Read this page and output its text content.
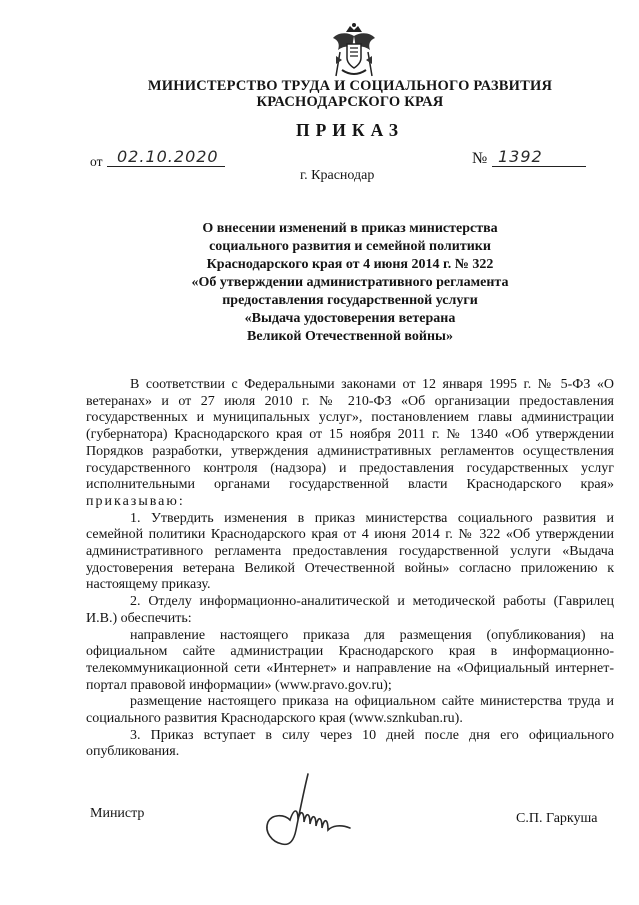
МИНИСТЕРСТВО ТРУДА И СОЦИАЛЬНОГО РАЗВИТИЯ
КРАСНОДАРСКОГО КРАЯ
ПРИКАЗ
от 02.10.2020	№ 1392
г. Краснодар
О внесении изменений в приказ министерства
социального развития и семейной политики
Краснодарского края от 4 июня 2014 г. № 322
«Об утверждении административного регламента
предоставления государственной услуги
«Выдача удостоверения ветерана
Великой Отечественной войны»

В соответствии с Федеральными законами от 12 января 1995 г. № 5-ФЗ «О ветеранах» и от 27 июля 2010 г. № 210-ФЗ «Об организации предоставления государственных и муниципальных услуг», постановлением главы администрации (губернатора) Краснодарского края от 15 ноября 2011 г. № 1340 «Об утверждении Порядков разработки, утверждения административных регламентов осуществления государственного контроля (надзора) и предоставления государственных услуг исполнительными органами государственной власти Краснодарского края» приказываю:

1. Утвердить изменения в приказ министерства социального развития и семейной политики Краснодарского края от 4 июня 2014 г. № 322 «Об утверждении административного регламента предоставления государственной услуги «Выдача удостоверения ветерана Великой Отечественной войны» согласно приложению к настоящему приказу.

2. Отделу информационно-аналитической и методической работы (Гаврилец И.В.) обеспечить:

направление настоящего приказа для размещения (опубликования) на официальном сайте администрации Краснодарского края в информационно-телекоммуникационной сети «Интернет» и направление на «Официальный интернет-портал правовой информации» (www.pravo.gov.ru);

размещение настоящего приказа на официальном сайте министерства труда и социального развития Краснодарского края (www.sznkuban.ru).

3. Приказ вступает в силу через 10 дней после дня его официального опубликования.

Министр	С.П. Гаркуша
